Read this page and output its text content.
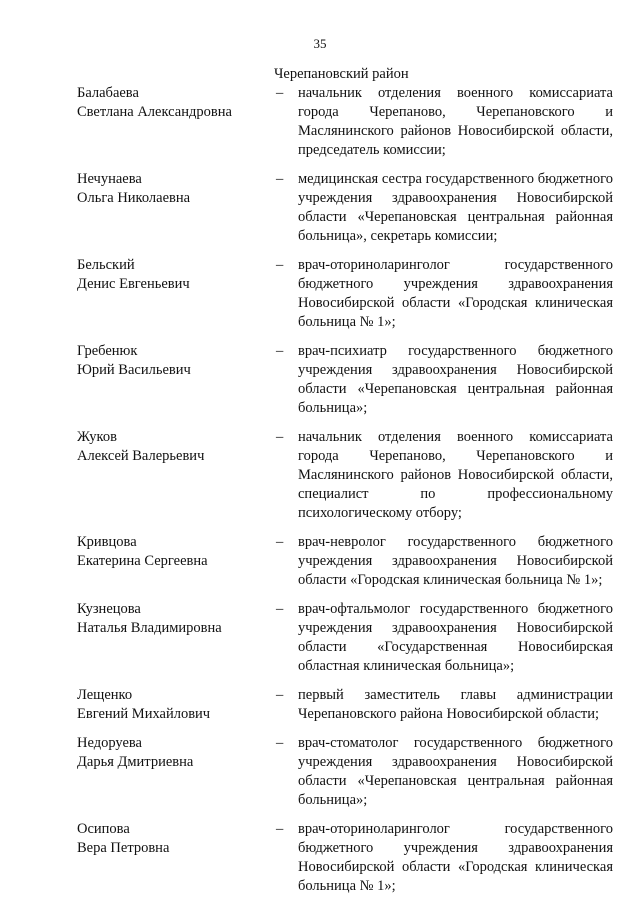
35
Черепановский район
Балабаева
Светлана Александровна
–	начальник отделения военного комиссариата города Черепаново, Черепановского и Маслянинского районов Новосибирской области, председатель комиссии;
Нечунаева
Ольга Николаевна
–	медицинская сестра государственного бюджетного учреждения здравоохранения Новосибирской области «Черепановская центральная районная больница», секретарь комиссии;
Бельский
Денис Евгеньевич
–	врач-оториноларинголог государственного бюджетного учреждения здравоохранения Новосибирской области «Городская клиническая больница № 1»;
Гребенюк
Юрий Васильевич
–	врач-психиатр государственного бюджетного учреждения здравоохранения Новосибирской области «Черепановская центральная районная больница»;
Жуков
Алексей Валерьевич
–	начальник отделения военного комиссариата города Черепаново, Черепановского и Маслянинского районов Новосибирской области, специалист по профессиональному психологическому отбору;
Кривцова
Екатерина Сергеевна
–	врач-невролог государственного бюджетного учреждения здравоохранения Новосибирской области «Городская клиническая больница № 1»;
Кузнецова
Наталья Владимировна
–	врач-офтальмолог государственного бюджетного учреждения здравоохранения Новосибирской области «Государственная Новосибирская областная клиническая больница»;
Лещенко
Евгений Михайлович
–	первый заместитель главы администрации Черепановского района Новосибирской области;
Недоруева
Дарья Дмитриевна
–	врач-стоматолог государственного бюджетного учреждения здравоохранения Новосибирской области «Черепановская центральная районная больница»;
Осипова
Вера Петровна
–	врач-оториноларинголог государственного бюджетного учреждения здравоохранения Новосибирской области «Городская клиническая больница № 1»;
